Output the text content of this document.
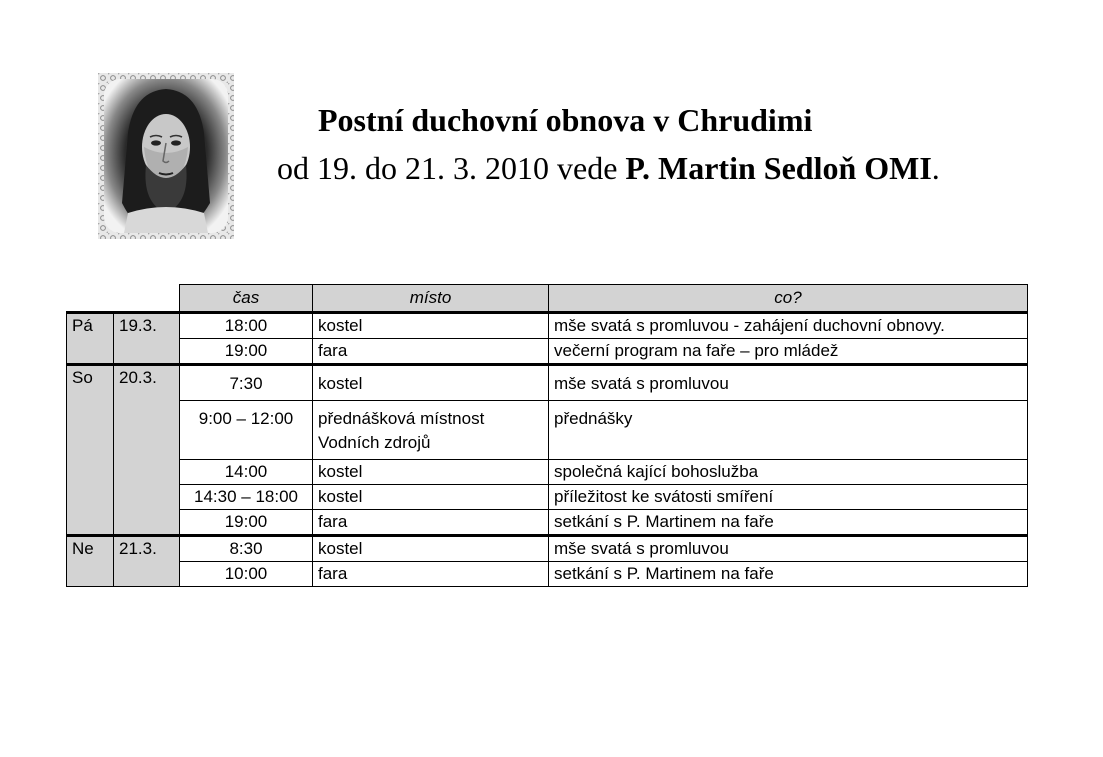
Postní duchovní obnova v Chrudimi
od 19. do 21. 3. 2010 vede P. Martin Sedloň OMI.
		čas	místo	co?
Pá	19.3.	18:00	kostel	mše svatá s promluvou - zahájení duchovní obnovy.
		19:00	fara	večerní program na faře – pro mládež
So	20.3.	7:30	kostel	mše svatá s promluvou
		9:00 – 12:00	přednášková místnost Vodních zdrojů	přednášky
		14:00	kostel	společná kající bohoslužba
		14:30 – 18:00	kostel	příležitost ke svátosti smíření
		19:00	fara	setkání s P. Martinem na faře
Ne	21.3.	8:30	kostel	mše svatá s promluvou
		10:00	fara	setkání s P. Martinem na faře
